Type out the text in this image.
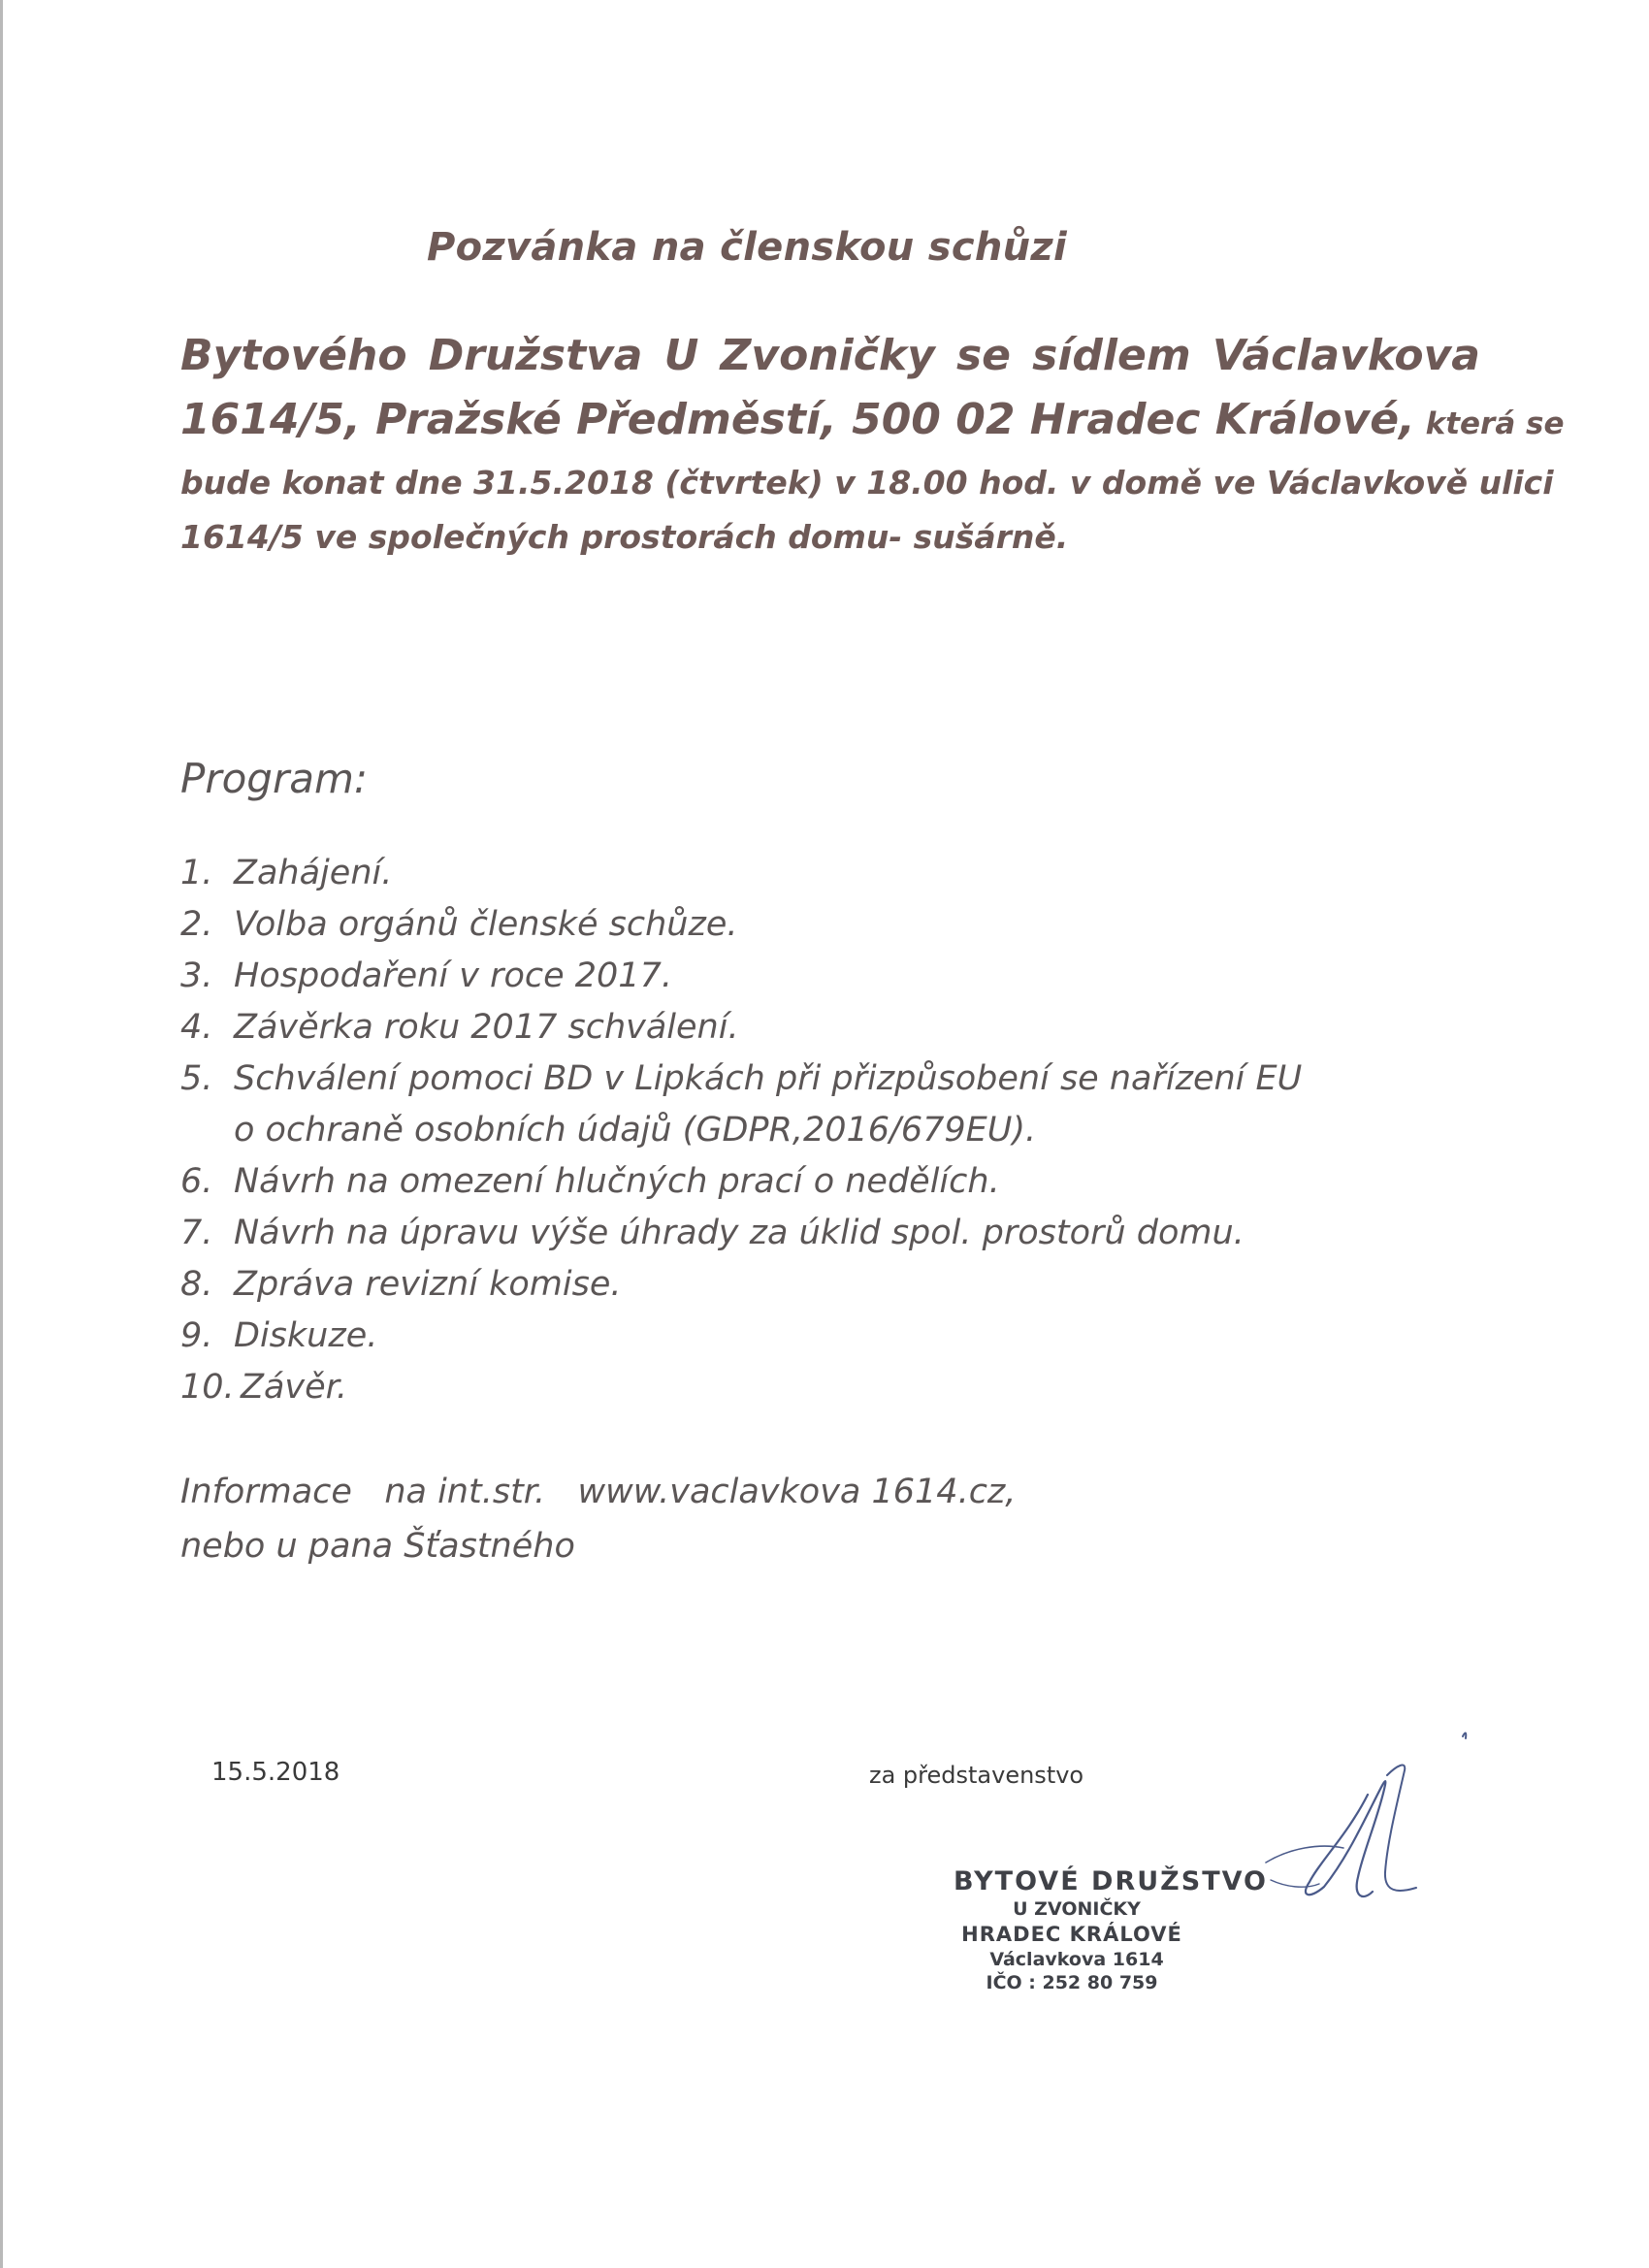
Pozvánka na členskou schůzi
Bytového Družstva U Zvoničky se sídlem Václavkova
1614/5, Pražské Předměstí, 500 02 Hradec Králové, která se
bude konat dne 31.5.2018 (čtvrtek) v 18.00 hod. v domě ve Václavkově ulici
1614/5 ve společných prostorách domu- sušárně.
Program:
1. Zahájení.
2. Volba orgánů členské schůze.
3. Hospodaření v roce 2017.
4. Závěrka roku 2017 schválení.
5. Schválení pomoci BD v Lipkách při přizpůsobení se nařízení EU
o ochraně osobních údajů (GDPR,2016/679EU).
6. Návrh na omezení hlučných prací o nedělích.
7. Návrh na úpravu výše úhrady za úklid spol. prostorů domu.
8. Zpráva revizní komise.
9. Diskuze.
10. Závěr.
Informace   na int.str.   www.vaclavkova 1614.cz,
nebo u pana Šťastného
15.5.2018	za představenstvo
BYTOVÉ DRUŽSTVO
U ZVONIČKY
HRADEC KRÁLOVÉ
Václavkova 1614
IČO : 252 80 759
